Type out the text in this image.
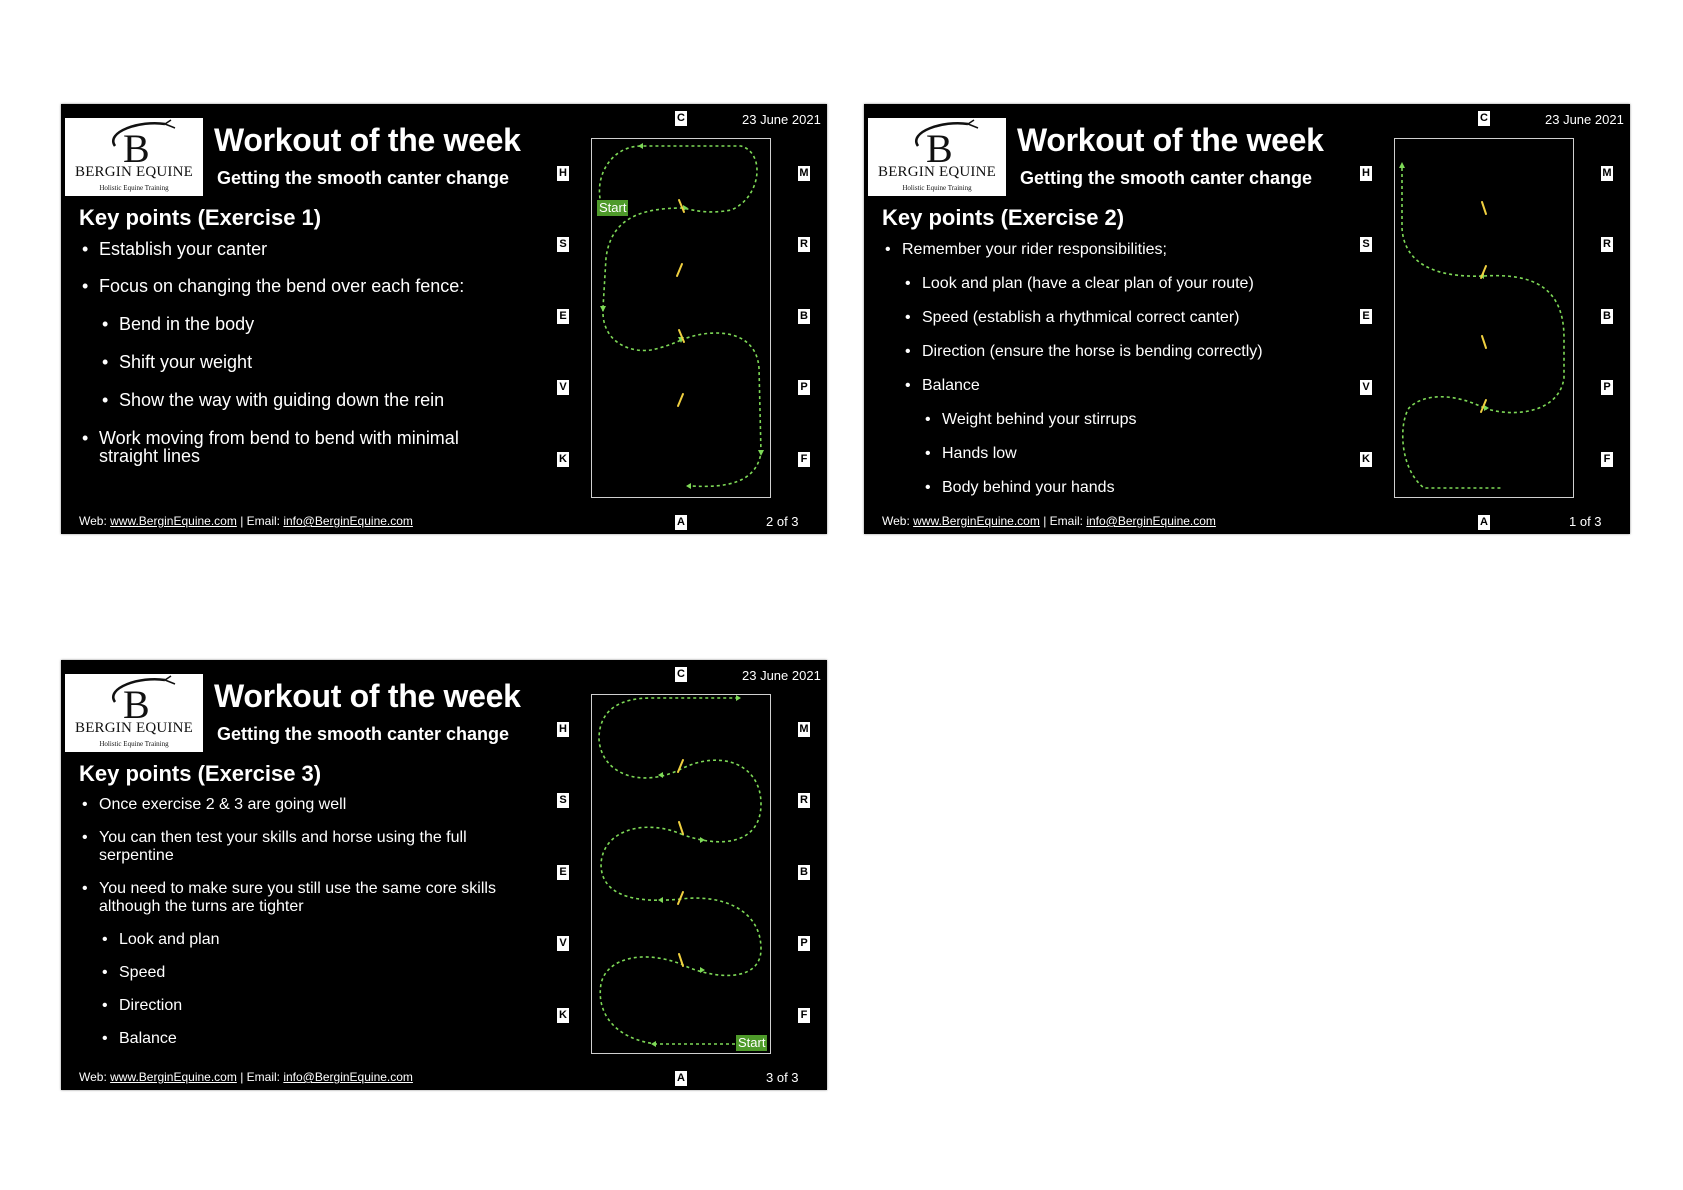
B
BERGIN EQUINE
Holistic Equine Training
Workout of the week
Getting the smooth canter change
23 June 2021
Key points (Exercise 1)
• Establish your canter
• Focus on changing the bend over each fence:
• Bend in the body
• Shift your weight
• Show the way with guiding down the rein
• Work moving from bend to bend with minimal straight lines
Start
C
A
H
S
E
V
K
M
R
B
P
F
Web: www.BerginEquine.com | Email: info@BerginEquine.com	2 of 3
B
BERGIN EQUINE
Holistic Equine Training
Workout of the week
Getting the smooth canter change
23 June 2021
Key points (Exercise 2)
• Remember your rider responsibilities;
• Look and plan (have a clear plan of your route)
• Speed (establish a rhythmical correct canter)
• Direction (ensure the horse is bending correctly)
• Balance
• Weight behind your stirrups
• Hands low
• Body behind your hands
C
A
H
S
E
V
K
M
R
B
P
F
Web: www.BerginEquine.com | Email: info@BerginEquine.com	1 of 3
B
BERGIN EQUINE
Holistic Equine Training
Workout of the week
Getting the smooth canter change
23 June 2021
Key points (Exercise 3)
• Once exercise 2 & 3 are going well
• You can then test your skills and horse using the full serpentine
• You need to make sure you still use the same core skills although the turns are tighter
• Look and plan
• Speed
• Direction
• Balance	Start
C
A
H
S
E
V
K
M
R
B
P
F
Web: www.BerginEquine.com | Email: info@BerginEquine.com	3 of 3
